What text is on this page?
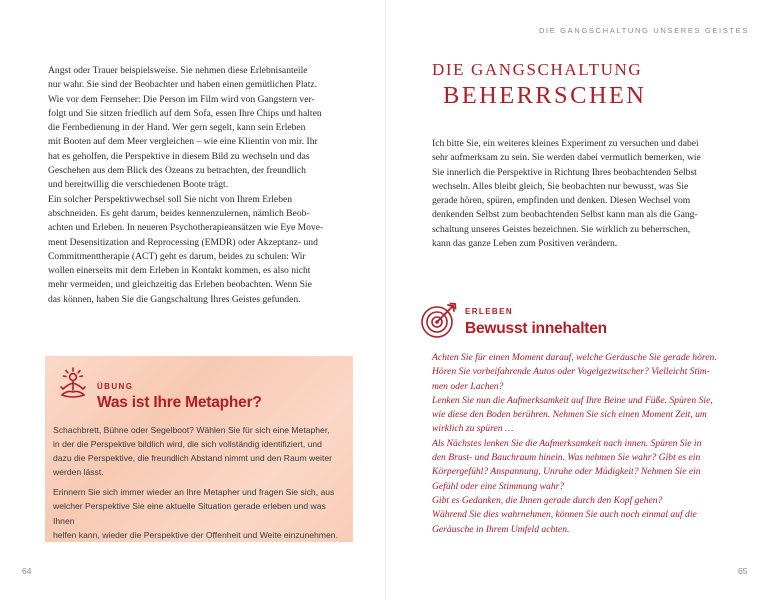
DIE GANGSCHALTUNG UNSERES GEISTES

Angst oder Trauer beispielsweise. Sie nehmen diese Erlebnisanteile

nur wahr. Sie sind der Beobachter und haben einen gemütlichen Platz.

Wie vor dem Fernseher: Die Person im Film wird von Gangstern ver-

folgt und Sie sitzen friedlich auf dem Sofa, essen Ihre Chips und halten

die Fernbedienung in der Hand. Wer gern segelt, kann sein Erleben

mit Booten auf dem Meer vergleichen – wie eine Klientin von mir. Ihr

hat es geholfen, die Perspektive in diesem Bild zu wechseln und das

Geschehen aus dem Blick des Ozeans zu betrachten, der freundlich

und bereitwillig die verschiedenen Boote trägt.

Ein solcher Perspektivwechsel soll Sie nicht von Ihrem Erleben

abschneiden. Es geht darum, beides kennenzulernen, nämlich Beob-

achten und Erleben. In neueren Psychotherapieansätzen wie Eye Move-

ment Desensitization and Reprocessing (EMDR) oder Akzeptanz- und

Commitmenttherapie (ACT) geht es darum, beides zu schulen: Wir

wollen einerseits mit dem Erleben in Kontakt kommen, es also nicht

mehr vermeiden, und gleichzeitig das Erleben beobachten. Wenn Sie

das können, haben Sie die Gangschaltung Ihres Geistes gefunden.

ÜBUNG
Was ist Ihre Metapher?

Schachbrett, Bühne oder Segelboot? Wählen Sie für sich eine Metapher,
in der die Perspektive bildlich wird, die sich vollständig identifiziert, und
dazu die Perspektive, die freundlich Abstand nimmt und den Raum weiter
werden lässt.

Erinnern Sie sich immer wieder an Ihre Metapher und fragen Sie sich, aus
welcher Perspektive Sie eine aktuelle Situation gerade erleben und was Ihnen
helfen kann, wieder die Perspektive der Offenheit und Weite einzunehmen.

64
DIE GANGSCHALTUNG
BEHERRSCHEN

Ich bitte Sie, ein weiteres kleines Experiment zu versuchen und dabei

sehr aufmerksam zu sein. Sie werden dabei vermutlich bemerken, wie

Sie innerlich die Perspektive in Richtung Ihres beobachtenden Selbst

wechseln. Alles bleibt gleich, Sie beobachten nur bewusst, was Sie

gerade hören, spüren, empfinden und denken. Diesen Wechsel vom

denkenden Selbst zum beobachtenden Selbst kann man als die Gang-

schaltung unseres Geistes bezeichnen. Sie wirklich zu beherrschen,

kann das ganze Leben zum Positiven verändern.

ERLEBEN
Bewusst innehalten

Achten Sie für einen Moment darauf, welche Geräusche Sie gerade hören.

Hören Sie vorbeifahrende Autos oder Vogelgezwitscher? Vielleicht Stim-

men oder Lachen?

Lenken Sie nun die Aufmerksamkeit auf Ihre Beine und Füße. Spüren Sie,

wie diese den Boden berühren. Nehmen Sie sich einen Moment Zeit, um

wirklich zu spüren …

Als Nächstes lenken Sie die Aufmerksamkeit nach innen. Spüren Sie in

den Brust- und Bauchraum hinein. Was nehmen Sie wahr? Gibt es ein

Körpergefühl? Anspannung, Unruhe oder Müdigkeit? Nehmen Sie ein

Gefühl oder eine Stimmung wahr?

Gibt es Gedanken, die Ihnen gerade durch den Kopf gehen?

Während Sie dies wahrnehmen, können Sie auch noch einmal auf die

Geräusche in Ihrem Umfeld achten.

65
